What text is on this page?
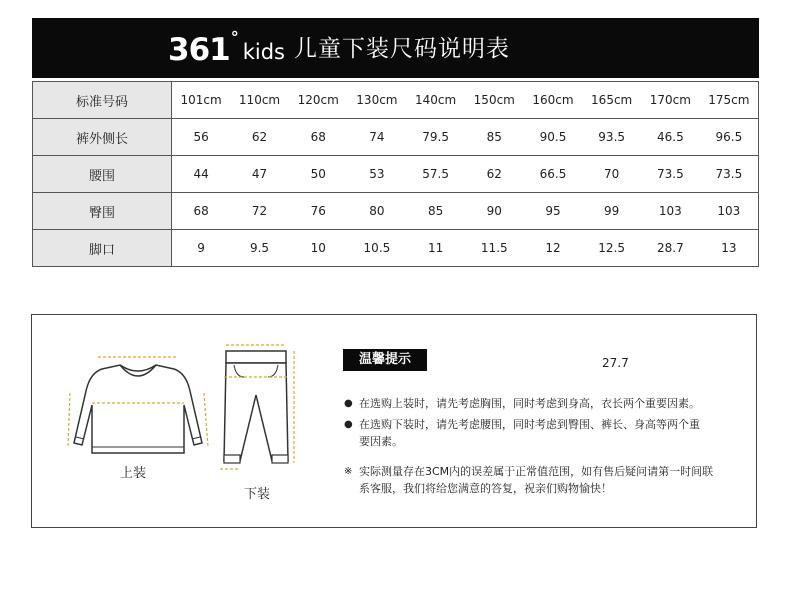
361 °
kids 儿童下装尺码说明表
标准号码	101cm	110cm	120cm	130cm	140cm	150cm	160cm	165cm	170cm	175cm
裤外侧长	56	62	68	74	79.5	85	90.5	93.5	46.5	96.5
腰围	44	47	50	53	57.5	62	66.5	70	73.5	73.5
臀围	68	72	76	80	85	90	95	99	103	103
脚口	9	9.5	10	10.5	11	11.5	12	12.5	28.7	13
上装
下装
温馨提示	27.7
● 在选购上装时，请先考虑胸围，同时考虑到身高，衣长两个重要因素。
● 在选购下装时，请先考虑腰围，同时考虑到臀围、裤长、身高等两个重要因素。
※ 实际测量存在3CM内的误差属于正常值范围，如有售后疑问请第一时间联系客服，我们将给您满意的答复，祝亲们购物愉快！
